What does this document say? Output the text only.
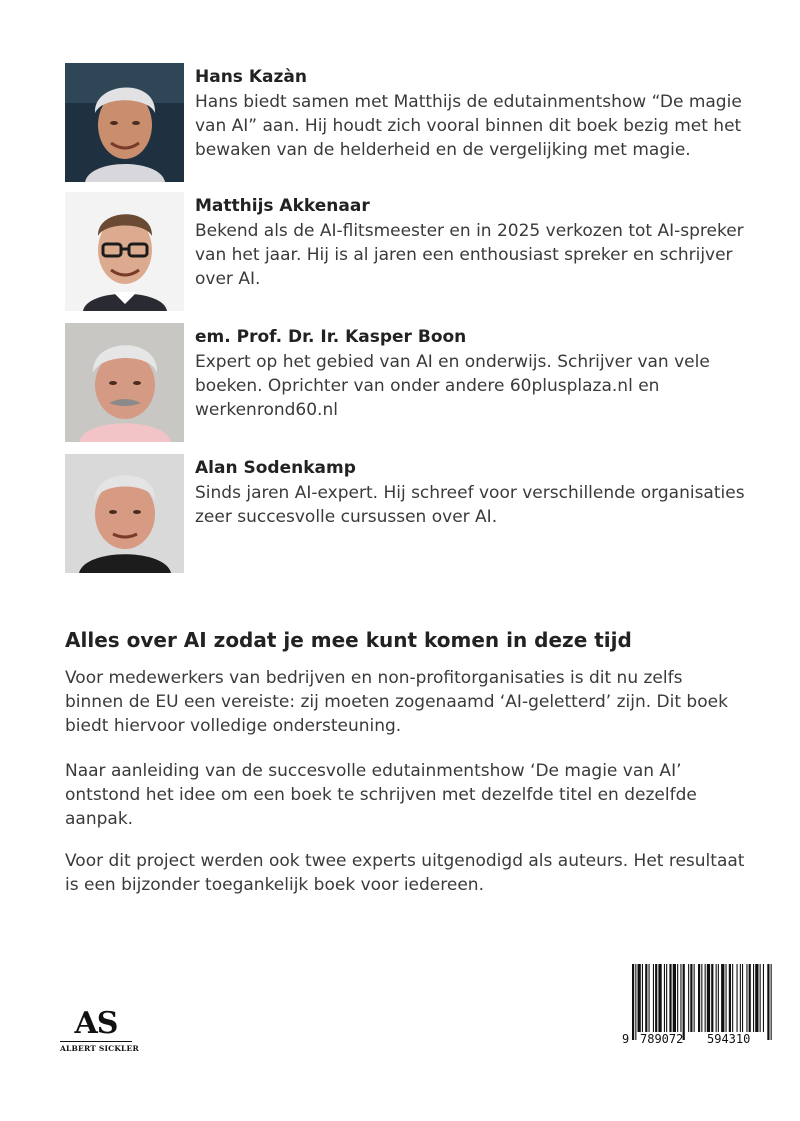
Hans Kazàn

Hans biedt samen met Matthijs de edutainmentshow “De magie van AI” aan. Hij houdt zich vooral binnen dit boek bezig met het bewaken van de helderheid en de vergelijking met magie.

Matthijs Akkenaar

Bekend als de AI-flitsmeester en in 2025 verkozen tot AI-spreker van het jaar. Hij is al jaren een enthousiast spreker en schrijver over AI.

em. Prof. Dr. Ir. Kasper Boon

Expert op het gebied van AI en onderwijs. Schrijver van vele boeken. Oprichter van onder andere 60plusplaza.nl en werkenrond60.nl

Alan Sodenkamp

Sinds jaren AI-expert. Hij schreef voor verschillende organisaties zeer succesvolle cursussen over AI.

Alles over AI zodat je mee kunt komen in deze tijd

Voor medewerkers van bedrijven en non-profitorganisaties is dit nu zelfs binnen de EU een vereiste: zij moeten zogenaamd ‘AI-geletterd’ zijn. Dit boek biedt hiervoor volledige ondersteuning.

Naar aanleiding van de succesvolle edutainmentshow ‘De magie van AI’ ontstond het idee om een boek te schrijven met dezelfde titel en dezelfde aanpak.

Voor dit project werden ook twee experts uitgenodigd als auteurs. Het resultaat is een bijzonder toegankelijk boek voor iedereen.

AS
ALBERT SICKLER
9 789072 594310
